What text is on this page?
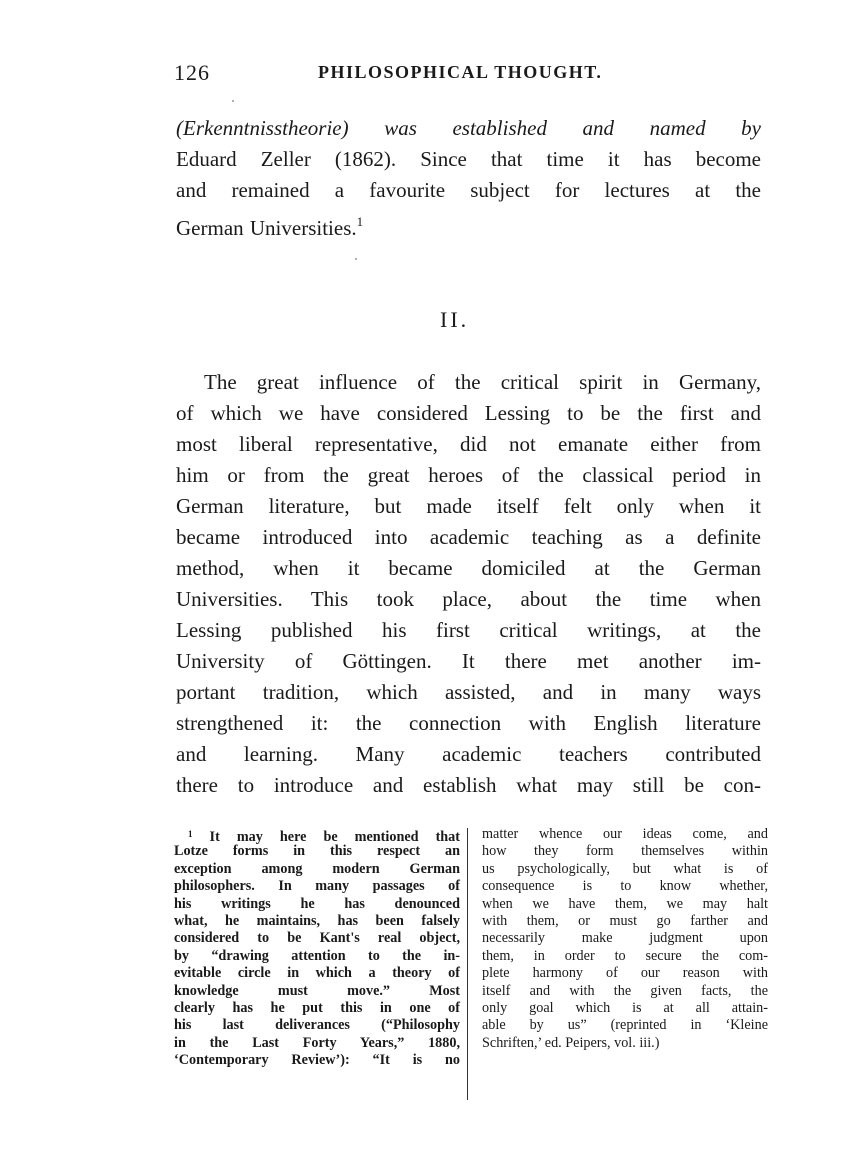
126	PHILOSOPHICAL THOUGHT.
(Erkenntnisstheorie) was established and named by
Eduard Zeller (1862). Since that time it has become
and remained a favourite subject for lectures at the
German Universities.$^1$
II.
The great influence of the critical spirit in Germany,
of which we have considered Lessing to be the first and
most liberal representative, did not emanate either from
him or from the great heroes of the classical period in
German literature, but made itself felt only when it
became introduced into academic teaching as a definite
method, when it became domiciled at the German
Universities. This took place, about the time when
Lessing published his first critical writings, at the
University of Göttingen. It there met another im-
portant tradition, which assisted, and in many ways
strengthened it: the connection with English literature
and learning. Many academic teachers contributed
there to introduce and establish what may still be con-
$^1$ It may here be mentioned that
Lotze forms in this respect an
exception among modern German
philosophers. In many passages of
his writings he has denounced
what, he maintains, has been falsely
considered to be Kant's real object,
by “drawing attention to the in-
evitable circle in which a theory of
knowledge must move.” Most
clearly has he put this in one of
his last deliverances (“Philosophy
in the Last Forty Years,” 1880,
‘Contemporary Review’): “It is no
matter whence our ideas come, and
how they form themselves within
us psychologically, but what is of
consequence is to know whether,
when we have them, we may halt
with them, or must go farther and
necessarily make judgment upon
them, in order to secure the com-
plete harmony of our reason with
itself and with the given facts, the
only goal which is at all attain-
able by us” (reprinted in ‘Kleine
Schriften,’ ed. Peipers, vol. iii.)
